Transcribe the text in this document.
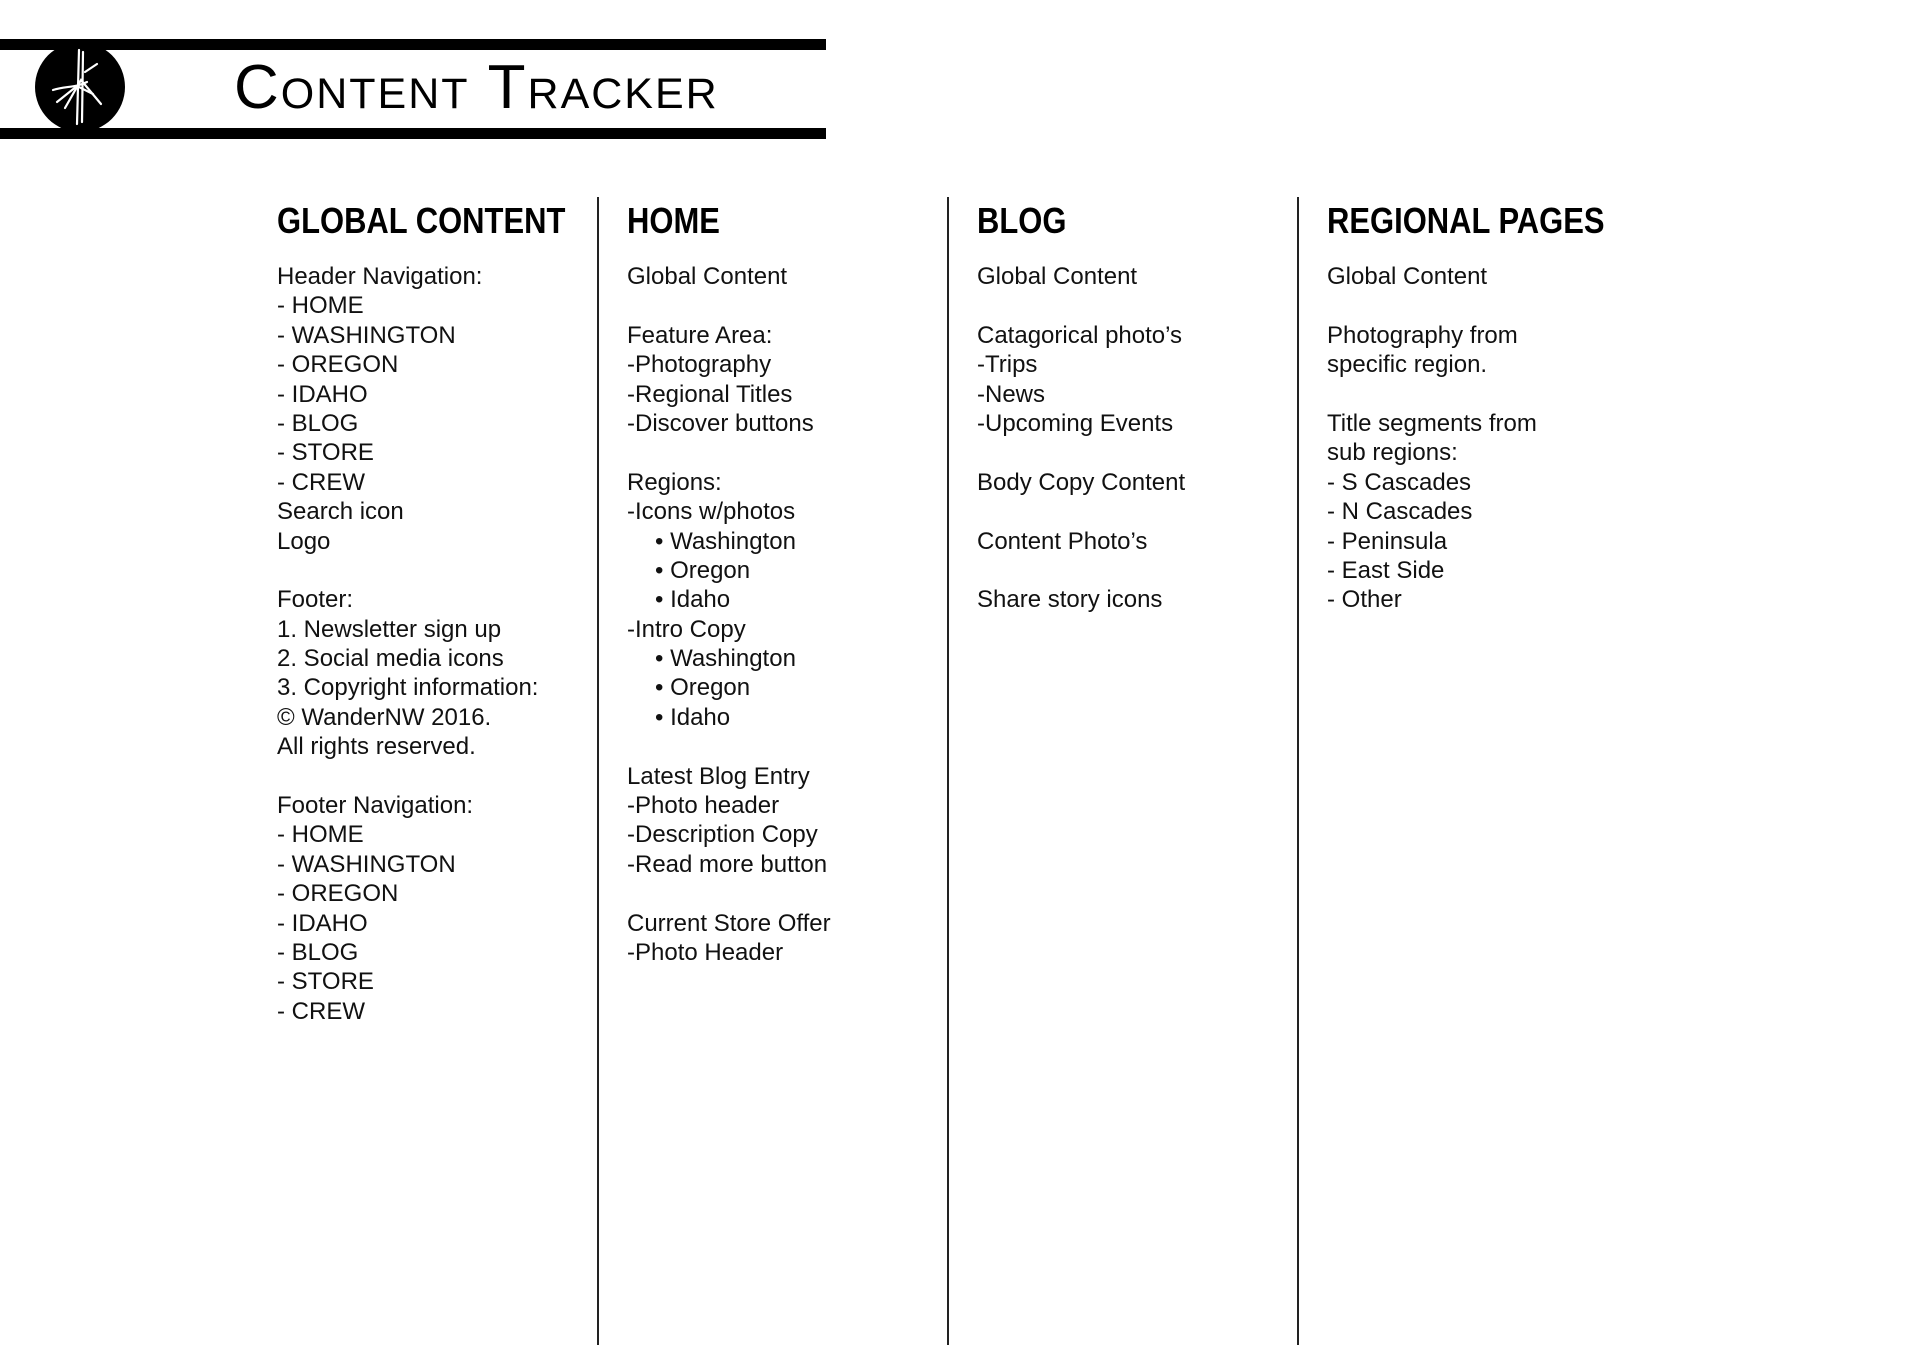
Content Tracker
GLOBAL CONTENT
Header Navigation:
- HOME
- WASHINGTON
- OREGON
- IDAHO
- BLOG
- STORE
- CREW
Search icon
Logo
Footer:
1. Newsletter sign up
2. Social media icons
3. Copyright information:
© WanderNW 2016.
All rights reserved.
Footer Navigation:
- HOME
- WASHINGTON
- OREGON
- IDAHO
- BLOG
- STORE
- CREW
HOME
Global Content
Feature Area:
-Photography
-Regional Titles
-Discover buttons
Regions:
-Icons w/photos
• Washington
• Oregon
• Idaho
-Intro Copy
• Washington
• Oregon
• Idaho
Latest Blog Entry
-Photo header
-Description Copy
-Read more button
Current Store Offer
-Photo Header
BLOG
Global Content
Catagorical photo’s
-Trips
-News
-Upcoming Events
Body Copy Content
Content Photo’s
Share story icons
REGIONAL PAGES
Global Content
Photography from
specific region.
Title segments from
sub regions:
- S Cascades
- N Cascades
- Peninsula
- East Side
- Other
